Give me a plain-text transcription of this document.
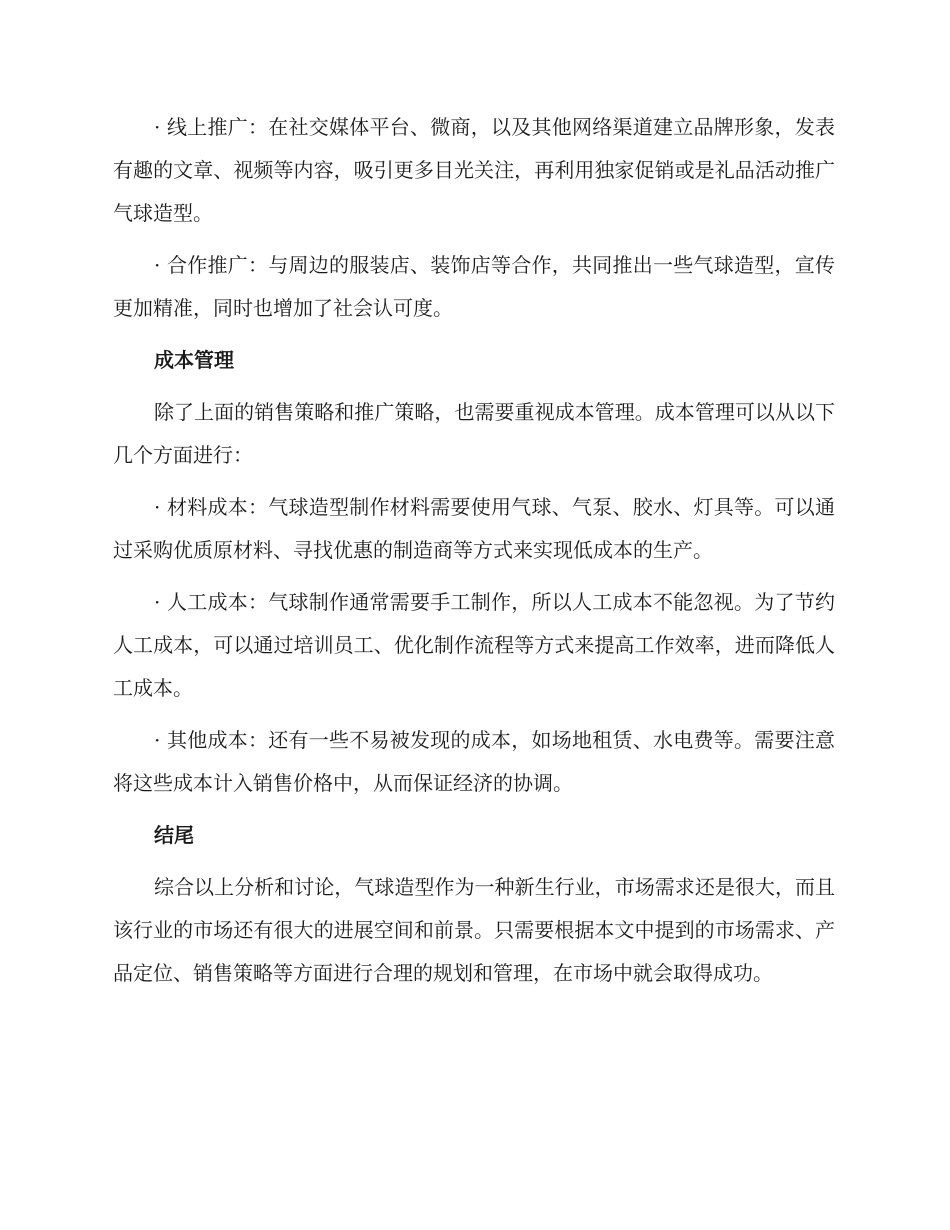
· 线上推广：在社交媒体平台、微商，以及其他网络渠道建立品牌形象，发表有趣的文章、视频等内容，吸引更多目光关注，再利用独家促销或是礼品活动推广气球造型。

· 合作推广：与周边的服装店、装饰店等合作，共同推出一些气球造型，宣传更加精准，同时也增加了社会认可度。

成本管理

除了上面的销售策略和推广策略，也需要重视成本管理。成本管理可以从以下几个方面进行：

· 材料成本：气球造型制作材料需要使用气球、气泵、胶水、灯具等。可以通过采购优质原材料、寻找优惠的制造商等方式来实现低成本的生产。

· 人工成本：气球制作通常需要手工制作，所以人工成本不能忽视。为了节约人工成本，可以通过培训员工、优化制作流程等方式来提高工作效率，进而降低人工成本。

· 其他成本：还有一些不易被发现的成本，如场地租赁、水电费等。需要注意将这些成本计入销售价格中，从而保证经济的协调。

结尾

综合以上分析和讨论，气球造型作为一种新生行业，市场需求还是很大，而且该行业的市场还有很大的进展空间和前景。只需要根据本文中提到的市场需求、产品定位、销售策略等方面进行合理的规划和管理，在市场中就会取得成功。
